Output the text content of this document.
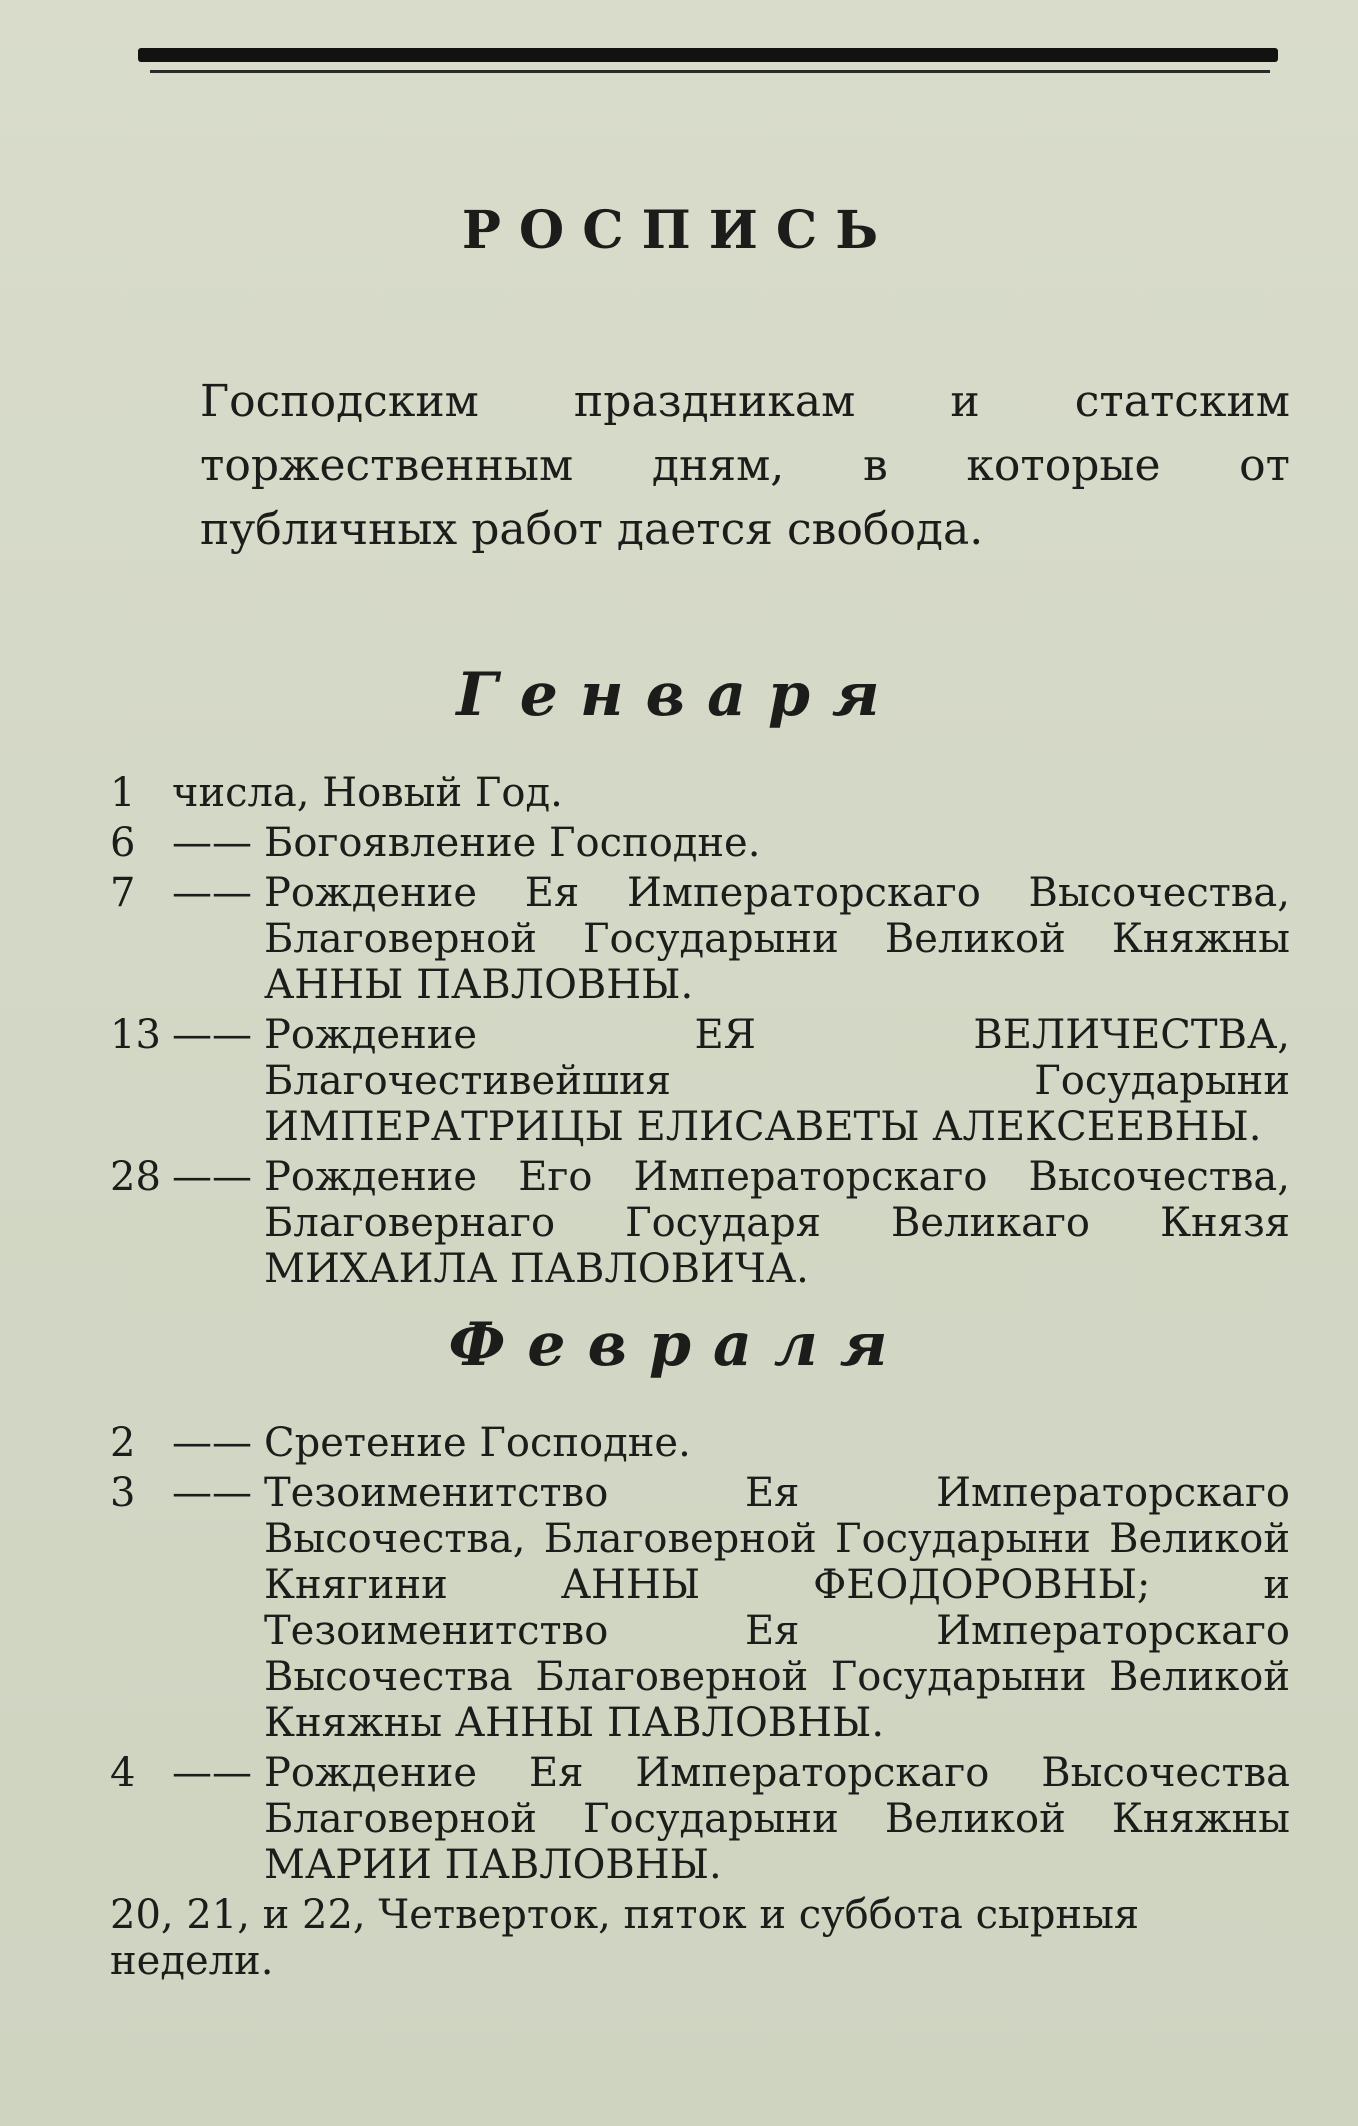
РОСПИСЬ
Господским праздникам и статским торжественным дням, в которые от публичных работ дается свобода.
Генваря
1 числа, Новый Год.
6 —— Богоявление Господне.
7 —— Рождение Ея Императорскаго Высочества, Благоверной Государыни Великой Княжны АННЫ ПАВЛОВНЫ.
13 —— Рождение ЕЯ ВЕЛИЧЕСТВА, Благочестивейшия Государыни ИМПЕРАТРИЦЫ ЕЛИСАВЕТЫ АЛЕКСЕЕВНЫ.
28 —— Рождение Его Императорскаго Высочества, Благовернаго Государя Великаго Князя МИХАИЛА ПАВЛОВИЧА.
Февраля
2 —— Сретение Господне.
3 —— Тезоименитство Ея Императорскаго Высочества, Благоверной Государыни Великой Княгини АННЫ ФЕОДОРОВНЫ; и Тезоименитство Ея Императорскаго Высочества Благоверной Государыни Великой Княжны АННЫ ПАВЛОВНЫ.
4 —— Рождение Ея Императорскаго Высочества Благоверной Государыни Великой Княжны МАРИИ ПАВЛОВНЫ.
20, 21, и 22, Четверток, пяток и суббота сырныя недели.
